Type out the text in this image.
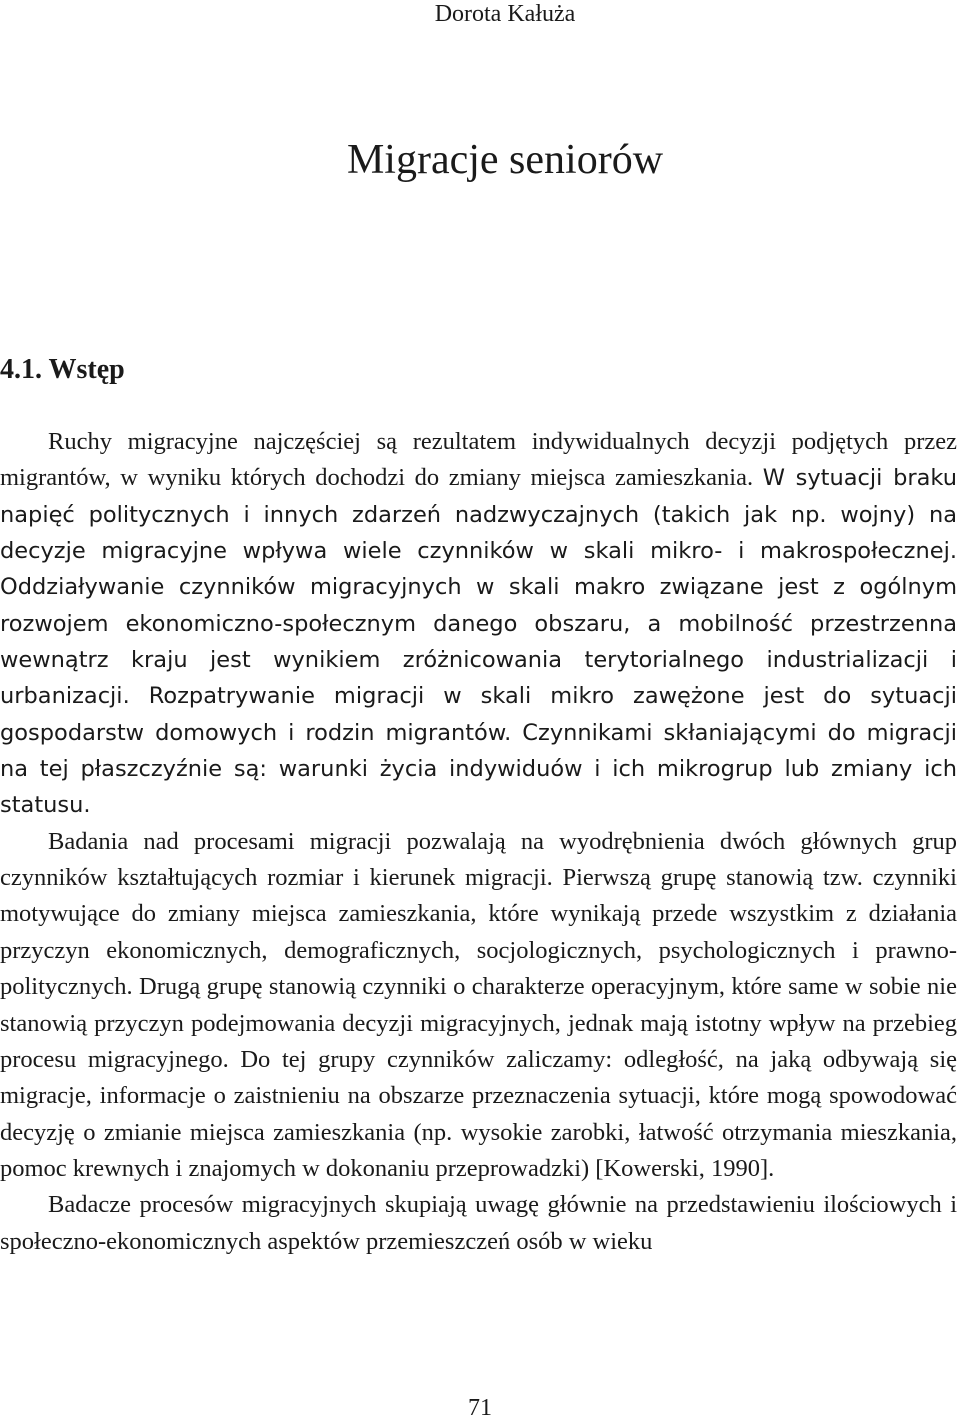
Dorota Kałuża
Migracje seniorów
4.1. Wstęp

Ruchy migracyjne najczęściej są rezultatem indywidualnych decyzji podjętych przez migrantów, w wyniku których dochodzi do zmiany miejsca zamieszkania. W sytuacji braku napięć politycznych i innych zdarzeń nadzwyczajnych (takich jak np. wojny) na decyzje migracyjne wpływa wiele czynników w skali mikro- i makrospołecznej. Oddziaływanie czynników migracyjnych w skali makro związane jest z ogólnym rozwojem ekonomiczno-społecznym danego obszaru, a mobilność przestrzenna wewnątrz kraju jest wynikiem zróżnicowania terytorialnego industrializacji i urbanizacji. Rozpatrywanie migracji w skali mikro zawężone jest do sytuacji gospodarstw domowych i rodzin migrantów. Czynnikami skłaniającymi do migracji na tej płaszczyźnie są: warunki życia indywiduów i ich mikrogrup lub zmiany ich statusu.

Badania nad procesami migracji pozwalają na wyodrębnienia dwóch głównych grup czynników kształtujących rozmiar i kierunek migracji. Pierwszą grupę stanowią tzw. czynniki motywujące do zmiany miejsca zamieszkania, które wynikają przede wszystkim z działania przyczyn ekonomicznych, demograficznych, socjologicznych, psychologicznych i prawno-politycznych. Drugą grupę stanowią czynniki o charakterze operacyjnym, które same w sobie nie stanowią przyczyn podejmowania decyzji migracyjnych, jednak mają istotny wpływ na przebieg procesu migracyjnego. Do tej grupy czynników zaliczamy: odległość, na jaką odbywają się migracje, informacje o zaistnieniu na obszarze przeznaczenia sytuacji, które mogą spowodować decyzję o zmianie miejsca zamieszkania (np. wysokie zarobki, łatwość otrzymania mieszkania, pomoc krewnych i znajomych w dokonaniu przeprowadzki) [Kowerski, 1990].

Badacze procesów migracyjnych skupiają uwagę głównie na przedstawieniu ilościowych i społeczno-ekonomicznych aspektów przemieszczeń osób w wieku

71
